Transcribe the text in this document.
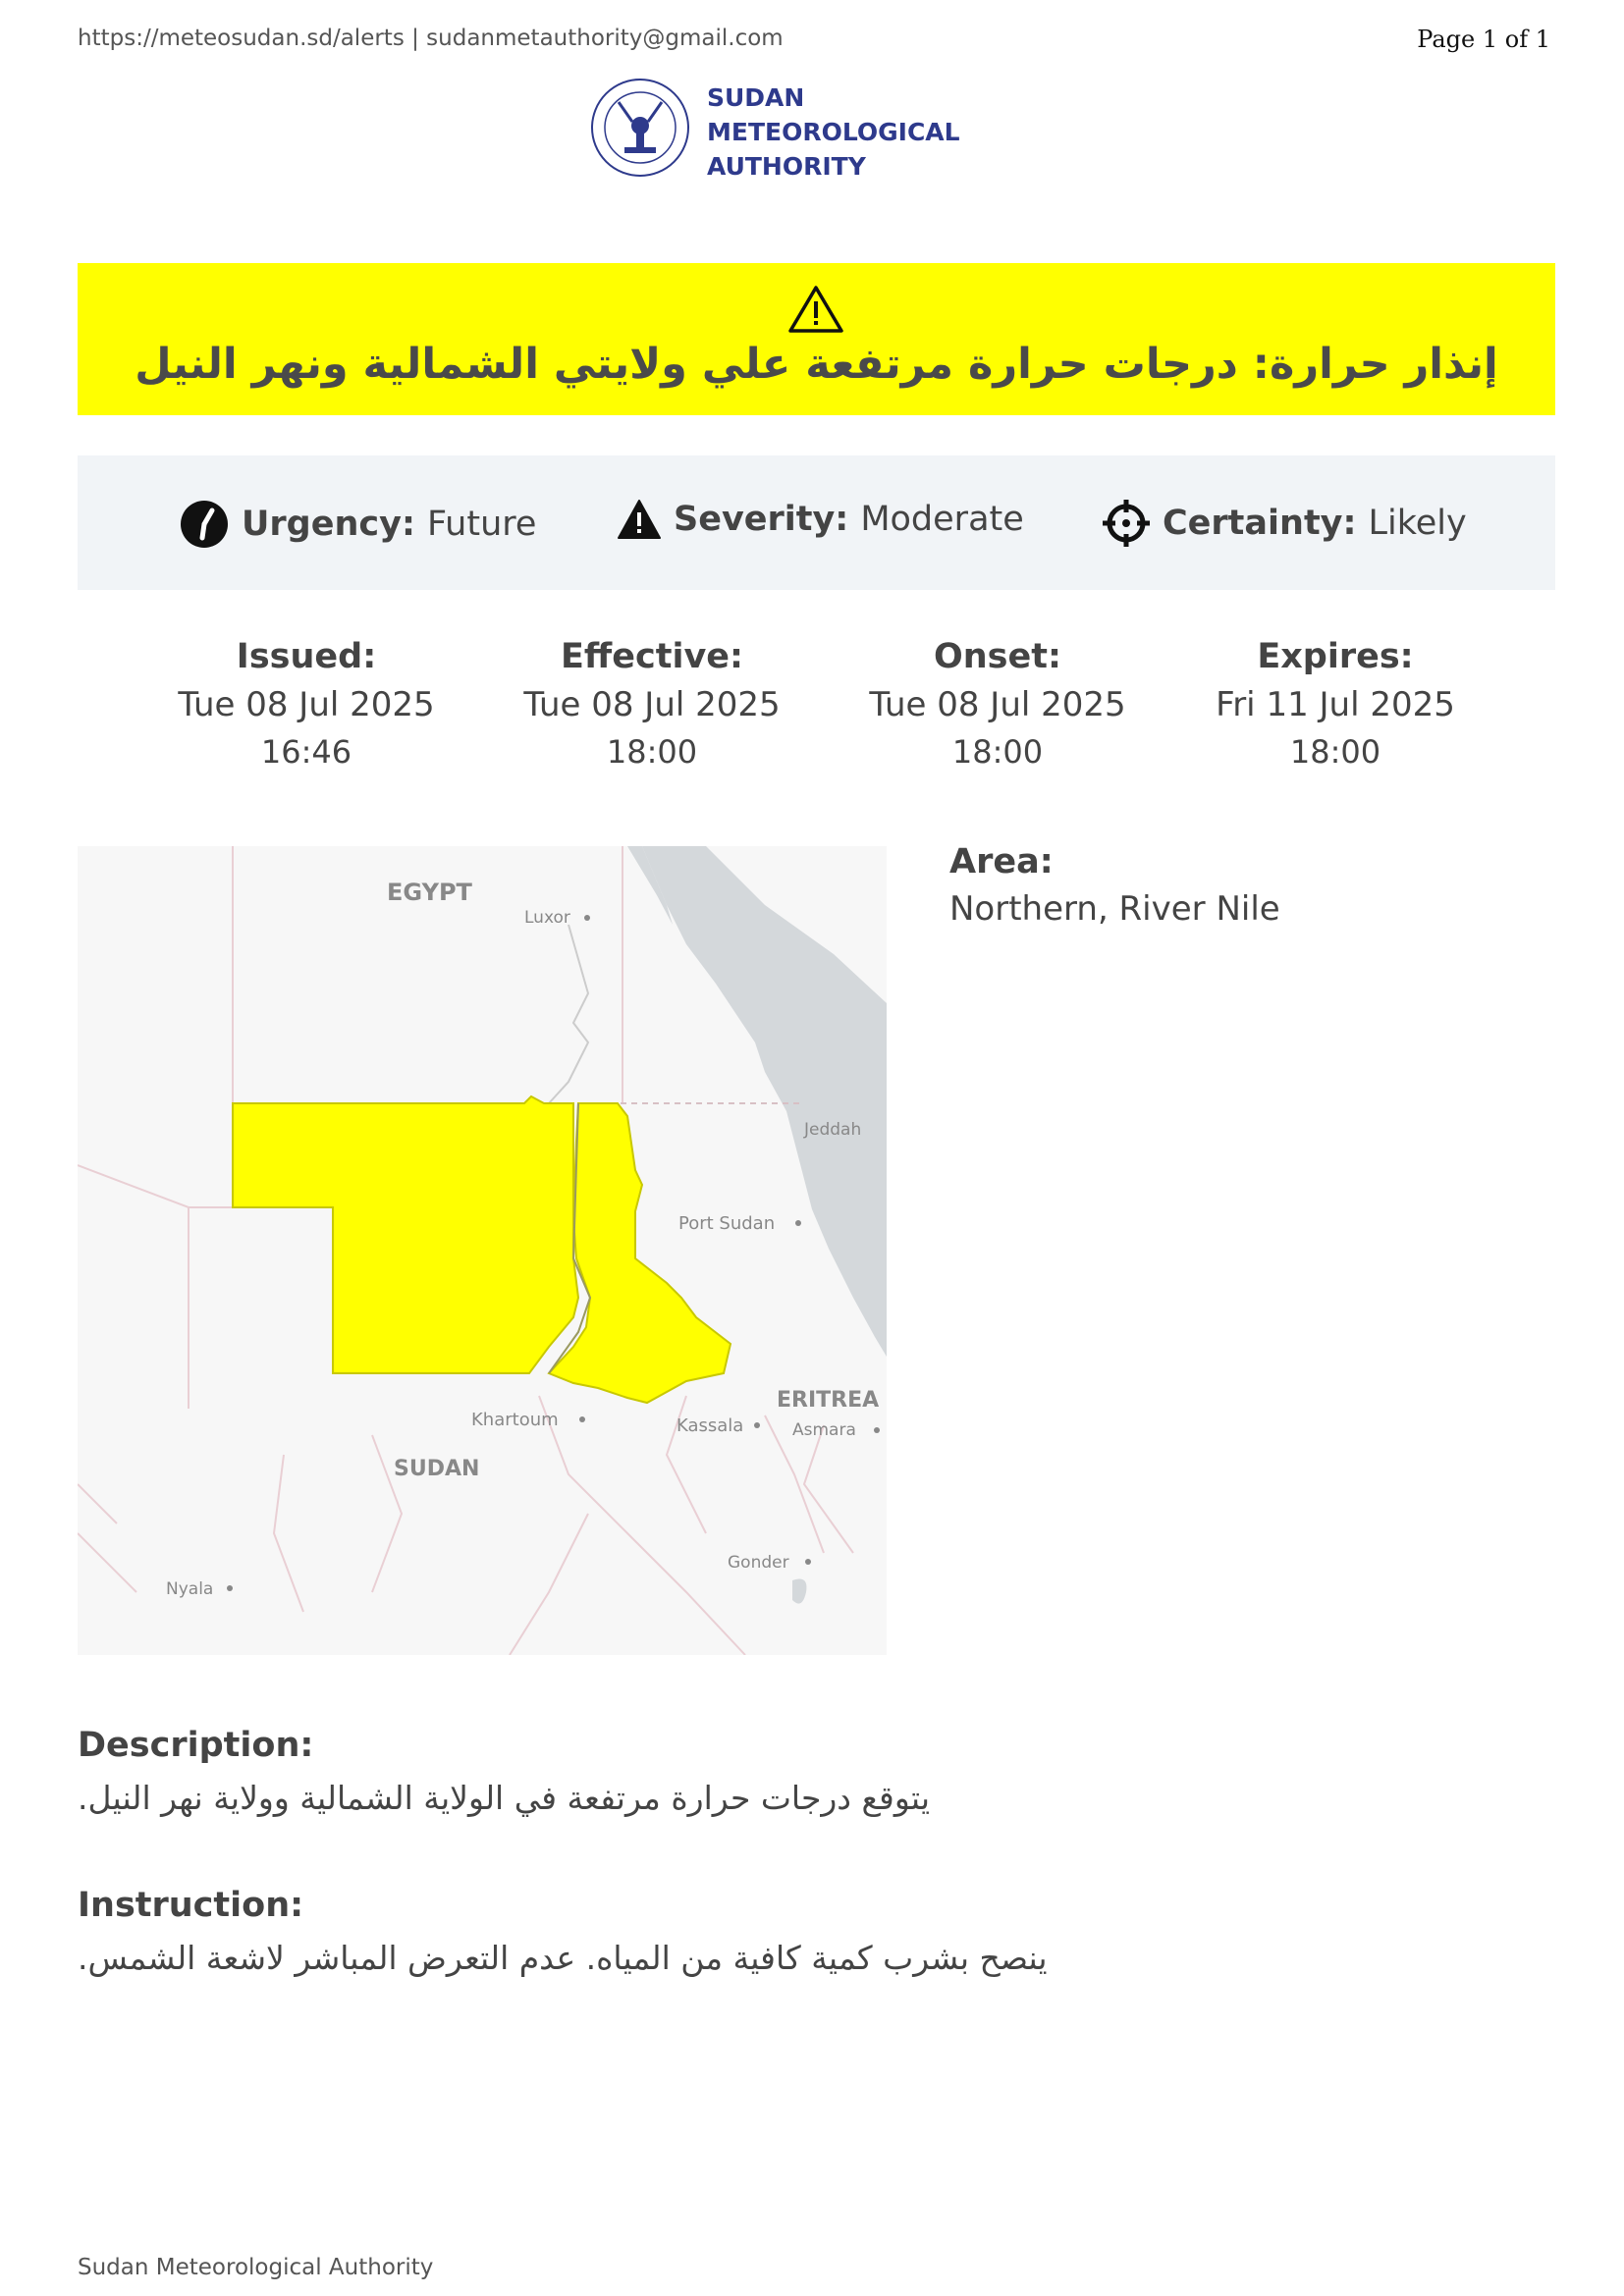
https://meteosudan.sd/alerts | sudanmetauthority@gmail.com	Page 1 of 1
SUDAN
METEOROLOGICAL
AUTHORITY
إنذار حرارة: درجات حرارة مرتفعة علي ولايتي الشمالية ونهر النيل
Urgency: Future	Severity: Moderate	Certainty: Likely
Issued:
Tue 08 Jul 2025
16:46
Effective:
Tue 08 Jul 2025
18:00
Onset:
Tue 08 Jul 2025
18:00
Expires:
Fri 11 Jul 2025
18:00
EGYPT
Luxor
Jeddah
Port Sudan
ERITREA
Asmara
Khartoum	Kassala
SUDAN
Gonder
Nyala
Area:
Northern, River Nile
Description:
يتوقع درجات حرارة مرتفعة في الولاية الشمالية وولاية نهر النيل.
Instruction:
ينصح بشرب كمية كافية من المياه. عدم التعرض المباشر لاشعة الشمس.
Sudan Meteorological Authority
